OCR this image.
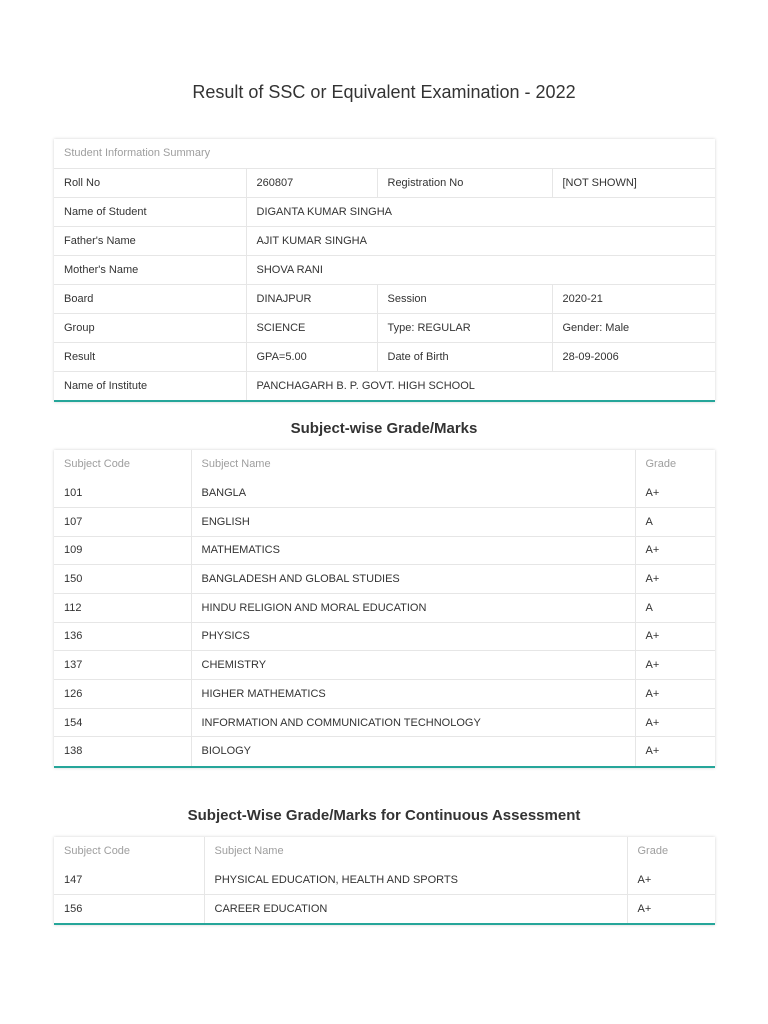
Result of SSC or Equivalent Examination - 2022
Student Information Summary			
Roll No	260807	Registration No	[NOT SHOWN]
Name of Student	DIGANTA KUMAR SINGHA		
Father's Name	AJIT KUMAR SINGHA		
Mother's Name	SHOVA RANI		
Board	DINAJPUR	Session	2020-21
Group	SCIENCE	Type: REGULAR	Gender: Male
Result	GPA=5.00	Date of Birth	28-09-2006
Name of Institute	PANCHAGARH B. P. GOVT. HIGH SCHOOL		
Subject-wise Grade/Marks
Subject Code	Subject Name	Grade
101	BANGLA	A+
107	ENGLISH	A
109	MATHEMATICS	A+
150	BANGLADESH AND GLOBAL STUDIES	A+
112	HINDU RELIGION AND MORAL EDUCATION	A
136	PHYSICS	A+
137	CHEMISTRY	A+
126	HIGHER MATHEMATICS	A+
154	INFORMATION AND COMMUNICATION TECHNOLOGY	A+
138	BIOLOGY	A+
Subject-Wise Grade/Marks for Continuous Assessment
Subject Code	Subject Name	Grade
147	PHYSICAL EDUCATION, HEALTH AND SPORTS	A+
156	CAREER EDUCATION	A+
